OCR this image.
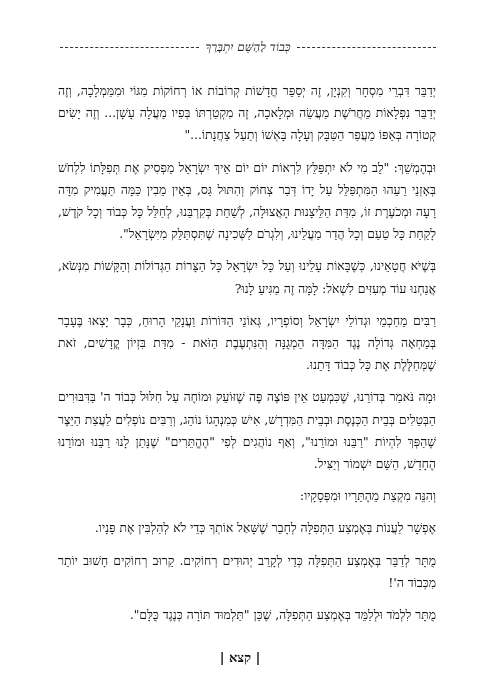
כְּבוֹד לַהַשֵּׁם יִתְבָּרַךְ

יְדַבֵּר דִּבְרֵי מִסְחָר וְקִנְיָן, זֶה יְסַפֵּר חֲדָשׁוֹת קְרוֹבוֹת אוֹ רְחוֹקוֹת מִגּוֹי וּמִמַּמְלָכָה, וְזֶה יְדַבֵּר נִפְלָאוֹת מֵחֲרֹשֶׁת מַעֲשֵׂה וּמְלָאכָה, זֶה מִקְטַרְתּוֹ בְּפִיו מַעֲלָה עָשָׁן... וְזֶה יָשִׂים קְטוֹרָה בְּאַפּוֹ מֵעֲפַר הַטַּבָּק וְעָלָה בָּאְשׁוֹ וְתַעַל צַחֲנָתוֹ..."

וּבְהֶמְשֵׁךְ: "לֵב מִי לֹא יִתְפַּלֵּץ לִרְאוֹת יוֹם יוֹם אֵיךְ יִשְׂרָאֵל מַפְסִיק אֶת תְּפִלָּתוֹ לִלְחֹשׁ בְּאָזְנֵי רֵעֵהוּ הַמִּתְפַּלֵּל עַל יָדוֹ דְּבַר צְחוֹק וְהִתּוּל גַּס, בְּאֵין מֵבִין כַּמָּה תַּעֲמִיק מִדָּה רָעָה וּמְכֹעֶרֶת זוֹ, מִדַּת הַלֵּיצָנוּת הָאֲצוּלָה, לְשַׁחֵת בְּקִרְבֵּנוּ, לְחַלֵּל כָּל כְּבוֹד וְכָל קֹדֶשׁ, לָקַחַת כָּל טַעַם וְכָל הֲדַר מַעֲלֵינוּ, וְלִגְרֹם לַשְּׁכִינָה שֶׁתִּסְתַּלֵּק מִיִּשְׂרָאֵל".

בְּשֶׁיֹּא חֲטָאֵינוּ, כְּשֶׁבָּאוֹת עָלֵינוּ וְעַל כָּל יִשְׂרָאֵל כָּל הַצָּרוֹת הַגְּדוֹלוֹת וְהַקָּשׁוֹת מִנְּשֹׂא, אֲנַחְנוּ עוֹד מְעִזִּים לִשְׁאֹל: לָמָּה זֶה מַגִּיעַ לָנוּ?

רַבִּים מֵחַכְמֵי וּגְדוֹלֵי יִשְׂרָאֵל וְסוֹפְרָיו, גְּאוֹנֵי הַדּוֹרוֹת וַעֲנָקֵי הָרוּחַ, כְּבָר יָצְאוּ בֶּעָבָר בְּמַחְאָה גְּדוֹלָה נֶגֶד הַמִּדָּה הַמְגֻנָּה וְהַנִּתְעֶבֶת הַזֹּאת - מִדַּת בִּזְיוֹן קֳדָשִׁים, זֹאת שֶׁמְּחַלֶּלֶת אֶת כָּל כְּבוֹד דָּתֵנוּ.

וּמָה נֹּאמַר בְּדוֹרֵנוּ, שֶׁכִּמְעַט אֵין פּוֹצֶה פֶּה שֶׁזּוֹעֵק וּמוֹחֶה עַל חִלּוּל כְּבוֹד ה' בַּדִּבּוּרִים הַבְּטֵלִים בְּבֵית הַכְּנֶסֶת וּבְבֵית הַמִּדְרָשׁ, אִישׁ כְּמִנְהָגוֹ נוֹהֵג, וְרַבִּים נוֹפְלִים לַעֲצַת הַיֵּצֶר שֶׁהַפְּךְ לִהְיוֹת "רַבֵּנוּ וּמוֹרֵנוּ", וְאַף נוֹהֲגִים לְפִי "הֶהֱתֵּרִים" שֶׁנָּתַן לָנוּ רַבֵּנוּ וּמוֹרֵנוּ הֶחָדָשׁ, הַשֵּׁם יִשְׁמוֹר וְיַצִּיל.

וְהִנֵּה מִקְצַת מֵהֶתֵּרָיו וּמִפְּסָקָיו:

אֶפְשָׁר לַעֲנוֹת בְּאֶמְצַע הַתְּפִלָּה לְחָבֵר שֶׁשָּׁאַל אוֹתְךָ כְּדֵי לֹא לְהַלְבִּין אֶת פָּנָיו.

מֻתָּר לְדַבֵּר בְּאֶמְצַע הַתְּפִלָּה כְּדֵי לְקָרֵב יְהוּדִים רְחוֹקִים. קֵרוּב רְחוֹקִים חָשׁוּב יוֹתֵר מִכְּבוֹד ה'!

מֻתָּר לִלְמֹד וּלְלַמֵּד בְּאֶמְצַע הַתְּפִלָּה, שֶׁכֵּן "תַּלְמוּד תּוֹרָה כְּנֶגֶד כֻּלָּם".

| קצא |
